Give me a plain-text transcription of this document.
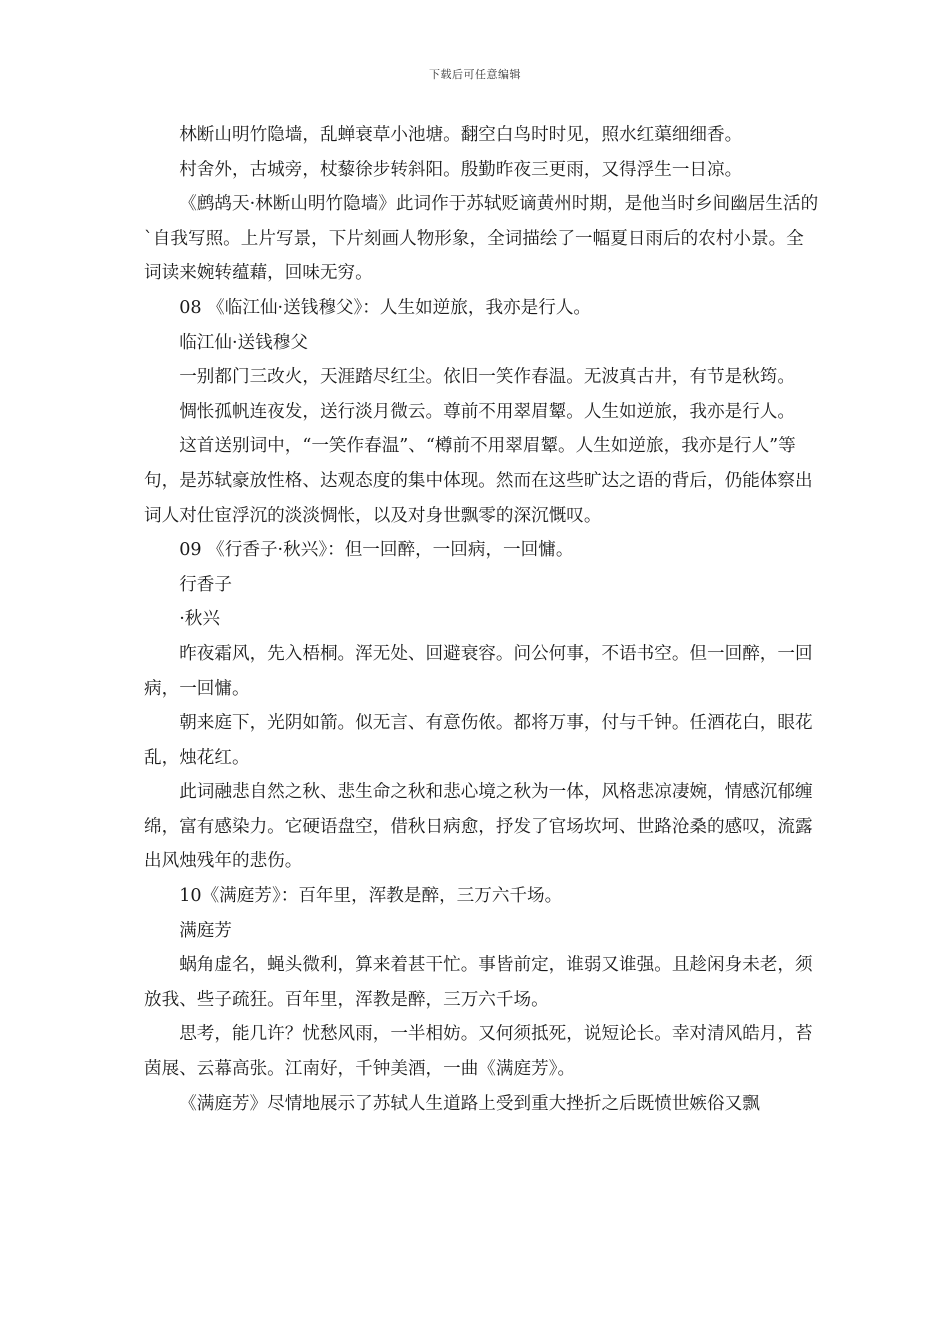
下载后可任意编辑

林断山明竹隐墙，乱蝉衰草小池塘。翻空白鸟时时见，照水红蕖细细香。

村舍外，古城旁，杖藜徐步转斜阳。殷勤昨夜三更雨，又得浮生一日凉。

《鹧鸪天·林断山明竹隐墙》此词作于苏轼贬谪黄州时期，是他当时乡间幽居生活的`自我写照。上片写景，下片刻画人物形象，全词描绘了一幅夏日雨后的农村小景。全词读来婉转蕴藉，回味无穷。

08 《临江仙·送钱穆父》：人生如逆旅，我亦是行人。

临江仙·送钱穆父

一别都门三改火，天涯踏尽红尘。依旧一笑作春温。无波真古井，有节是秋筠。

惆怅孤帆连夜发，送行淡月微云。尊前不用翠眉颦。人生如逆旅，我亦是行人。

这首送别词中，“一笑作春温”、“樽前不用翠眉颦。人生如逆旅，我亦是行人”等句，是苏轼豪放性格、达观态度的集中体现。然而在这些旷达之语的背后，仍能体察出词人对仕宦浮沉的淡淡惆怅，以及对身世飘零的深沉慨叹。

09 《行香子·秋兴》：但一回醉，一回病，一回慵。

行香子

·秋兴

昨夜霜风，先入梧桐。浑无处、回避衰容。问公何事，不语书空。但一回醉，一回病，一回慵。

朝来庭下，光阴如箭。似无言、有意伤侬。都将万事，付与千钟。任酒花白，眼花乱，烛花红。

此词融悲自然之秋、悲生命之秋和悲心境之秋为一体，风格悲凉凄婉，情感沉郁缠绵，富有感染力。它硬语盘空，借秋日病愈，抒发了官场坎坷、世路沧桑的感叹，流露出风烛残年的悲伤。

10《满庭芳》：百年里，浑教是醉，三万六千场。

满庭芳

蜗角虚名，蝇头微利，算来着甚干忙。事皆前定，谁弱又谁强。且趁闲身未老，须放我、些子疏狂。百年里，浑教是醉，三万六千场。

思考，能几许？忧愁风雨，一半相妨。又何须抵死，说短论长。幸对清风皓月，苔茵展、云幕高张。江南好，千钟美酒，一曲《满庭芳》。

《满庭芳》尽情地展示了苏轼人生道路上受到重大挫折之后既愤世嫉俗又飘
